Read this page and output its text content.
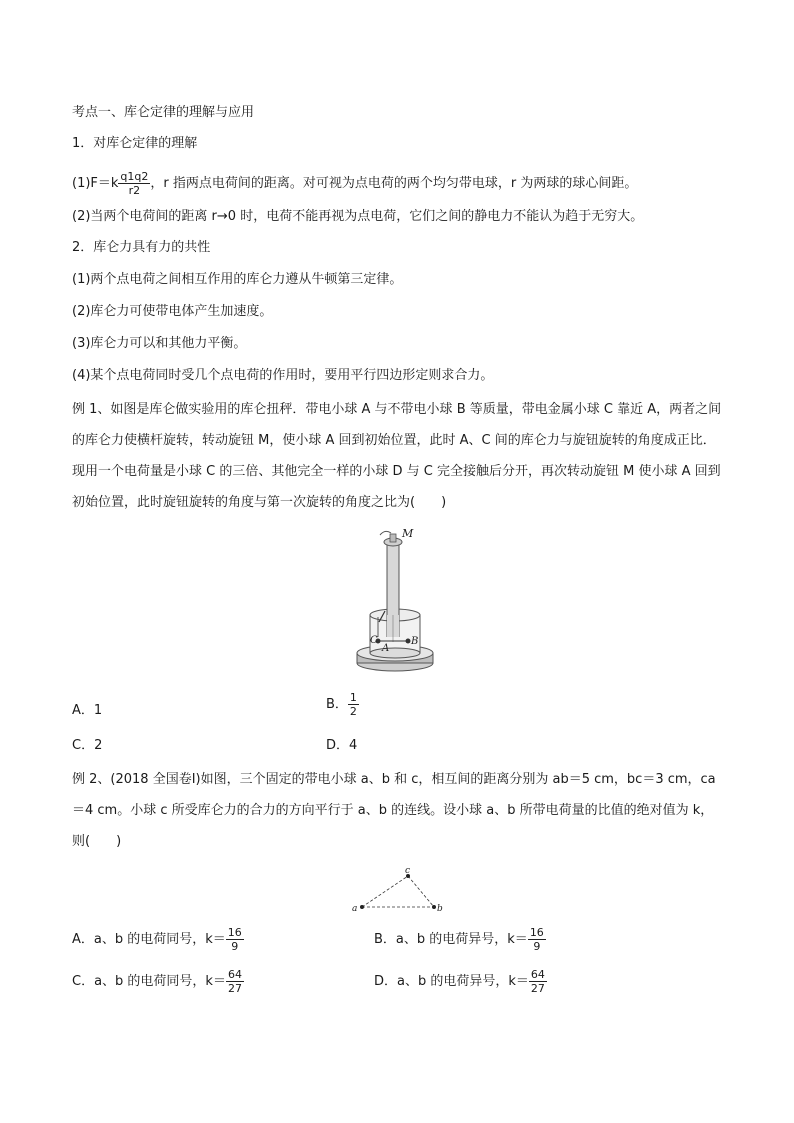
考点一、库仑定律的理解与应用
1．对库仑定律的理解
$(1)F=k \frac{q1q2}{r2}$ ，r 指两点电荷间的距离。对可视为点电荷的两个均匀带电球，r 为两球的球心间距。
(2)当两个电荷间的距离 r→0 时，电荷不能再视为点电荷，它们之间的静电力不能认为趋于无穷大。
2．库仑力具有力的共性
(1)两个点电荷之间相互作用的库仑力遵从牛顿第三定律。
(2)库仑力可使带电体产生加速度。
(3)库仑力可以和其他力平衡。
(4)某个点电荷同时受几个点电荷的作用时，要用平行四边形定则求合力。
例 1、如图是库仑做实验用的库仑扭秤．带电小球 A 与不带电小球 B 等质量，带电金属小球 C 靠近 A，两者之间的库仑力使横杆旋转，转动旋钮 M，使小球 A 回到初始位置，此时 A、C 间的库仑力与旋钮旋转的角度成正比．现用一个电荷量是小球 C 的三倍、其他完全一样的小球 D 与 C 完全接触后分开，再次转动旋钮 M 使小球 A 回到初始位置，此时旋钮旋转的角度与第一次旋转的角度之比为(　　)
M
C	B
A
A．1	B． $\frac{1}{2}$
C．2	D．4
例 2、(2018 全国卷Ⅰ)如图，三个固定的带电小球 a、b 和 c，相互间的距离分别为 ab＝5 cm，bc＝3 cm，ca＝4 cm。小球 c 所受库仑力的合力的方向平行于 a、b 的连线。设小球 a、b 所带电荷量的比值的绝对值为 k，则(　　)
a	b
c
A．a、b 的电荷同号，$k= \frac{16}{9}$	B．a、b 的电荷异号，$k= \frac{16}{9}$
C．a、b 的电荷同号，$k= \frac{64}{27}$	D．a、b 的电荷异号，$k= \frac{64}{27}$
